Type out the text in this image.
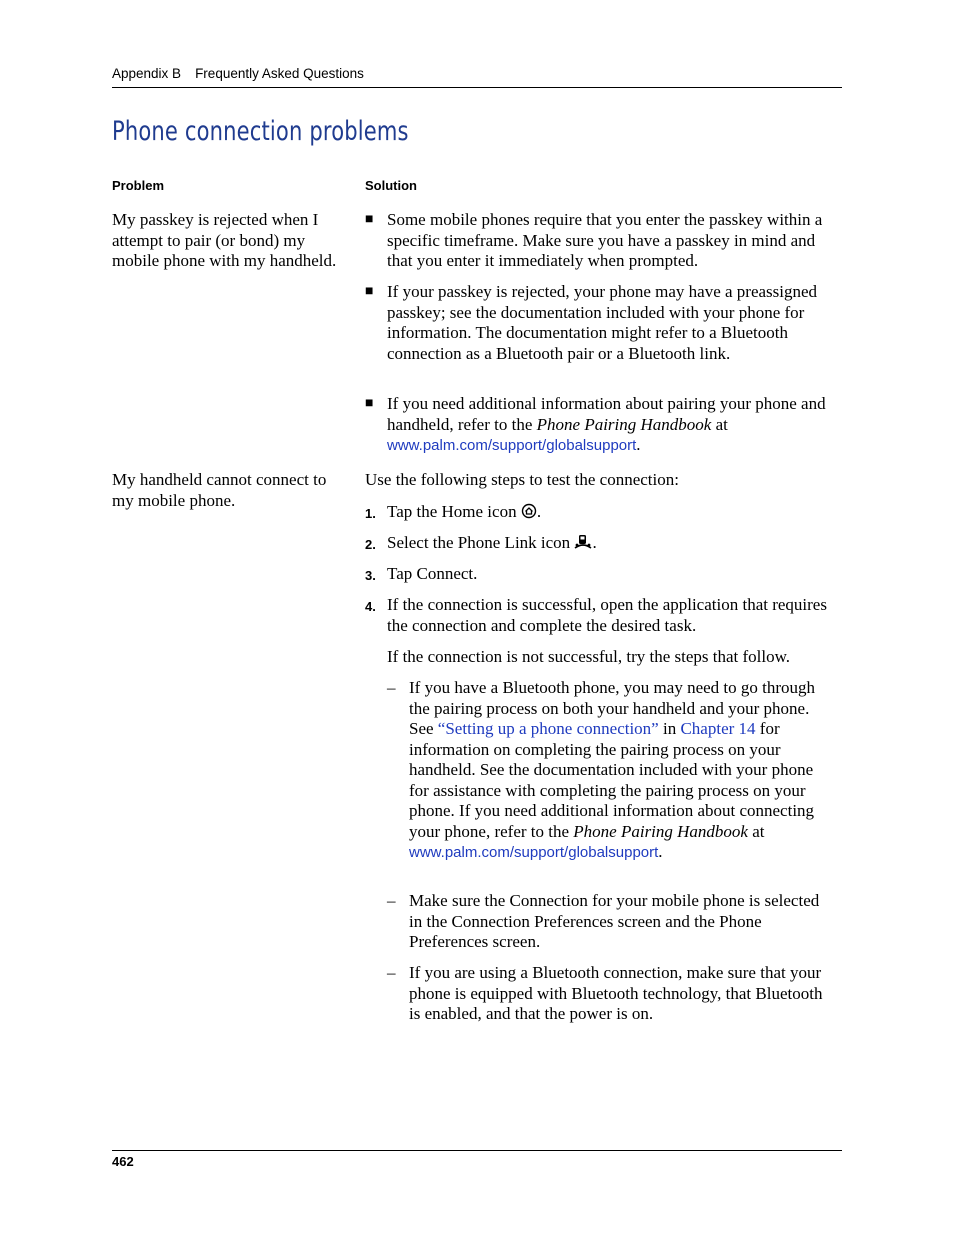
Appendix B Frequently Asked Questions
Phone connection problems
Problem	Solution
My passkey is rejected when I attempt to pair (or bond) my mobile phone with my handheld.
■ Some mobile phones require that you enter the passkey within a specific timeframe. Make sure you have a passkey in mind and that you enter it immediately when prompted.
■ If your passkey is rejected, your phone may have a preassigned passkey; see the documentation included with your phone for information. The documentation might refer to a Bluetooth connection as a Bluetooth pair or a Bluetooth link.
■ If you need additional information about pairing your phone and handheld, refer to the Phone Pairing Handbook at
www.palm.com/support/globalsupport.
My handheld cannot connect to my mobile phone.
Use the following steps to test the connection:
1. Tap the Home icon .
2. Select the Phone Link icon .
3. Tap Connect.
4. If the connection is successful, open the application that requires the connection and complete the desired task.
If the connection is not successful, try the steps that follow.
– If you have a Bluetooth phone, you may need to go through the pairing process on both your handheld and your phone. See “Setting up a phone connection” in Chapter 14 for information on completing the pairing process on your handheld. See the documentation included with your phone for assistance with completing the pairing process on your phone. If you need additional information about connecting your phone, refer to the Phone Pairing Handbook at
www.palm.com/support/globalsupport.
– Make sure the Connection for your mobile phone is selected in the Connection Preferences screen and the Phone Preferences screen.
– If you are using a Bluetooth connection, make sure that your phone is equipped with Bluetooth technology, that Bluetooth is enabled, and that the power is on.
462
